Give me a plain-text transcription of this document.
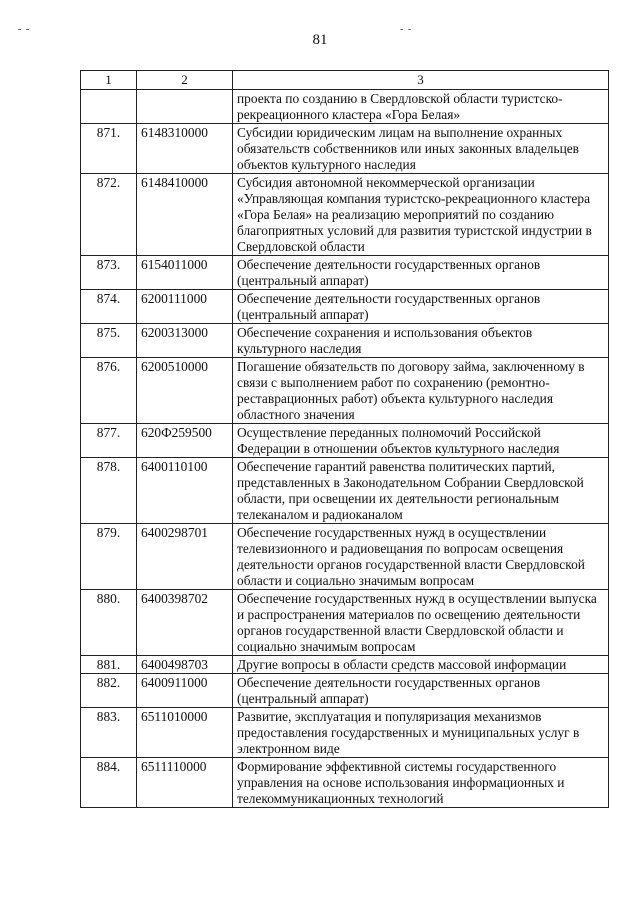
- -	- -
81
1	2	3
		проекта по созданию в Свердловской области туристско-рекреационного кластера «Гора Белая»
871.	6148310000	Субсидии юридическим лицам на выполнение охранных обязательств собственников или иных законных владельцев объектов культурного наследия
872.	6148410000	Субсидия автономной некоммерческой организации «Управляющая компания туристско-рекреационного кластера «Гора Белая» на реализацию мероприятий по созданию благоприятных условий для развития туристской индустрии в Свердловской области
873.	6154011000	Обеспечение деятельности государственных органов (центральный аппарат)
874.	6200111000	Обеспечение деятельности государственных органов (центральный аппарат)
875.	6200313000	Обеспечение сохранения и использования объектов культурного наследия
876.	6200510000	Погашение обязательств по договору займа, заключенному в связи с выполнением работ по сохранению (ремонтно-реставрационных работ) объекта культурного наследия областного значения
877.	620Ф259500	Осуществление переданных полномочий Российской Федерации в отношении объектов культурного наследия
878.	6400110100	Обеспечение гарантий равенства политических партий, представленных в Законодательном Собрании Свердловской области, при освещении их деятельности региональным телеканалом и радиоканалом
879.	6400298701	Обеспечение государственных нужд в осуществлении телевизионного и радиовещания по вопросам освещения деятельности органов государственной власти Свердловской области и социально значимым вопросам
880.	6400398702	Обеспечение государственных нужд в осуществлении выпуска и распространения материалов по освещению деятельности органов государственной власти Свердловской области и социально значимым вопросам
881.	6400498703	Другие вопросы в области средств массовой информации
882.	6400911000	Обеспечение деятельности государственных органов (центральный аппарат)
883.	6511010000	Развитие, эксплуатация и популяризация механизмов предоставления государственных и муниципальных услуг в электронном виде
884.	6511110000	Формирование эффективной системы государственного управления на основе использования информационных и телекоммуникационных технологий
